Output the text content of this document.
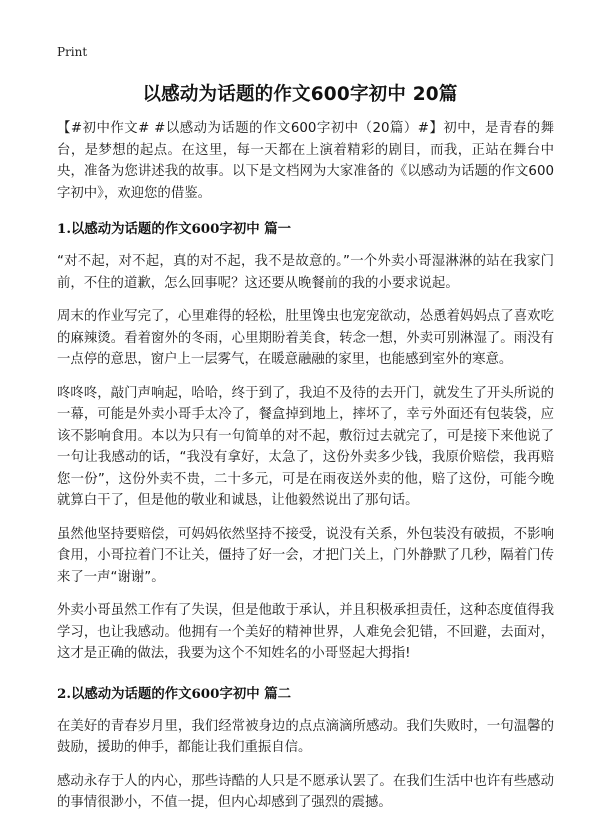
Print
以感动为话题的作文600字初中 20篇

【#初中作文# #以感动为话题的作文600字初中（20篇）#】初中，是青春的舞台，是梦想的起点。在这里，每一天都在上演着精彩的剧目，而我，正站在舞台中央，准备为您讲述我的故事。以下是文档网为大家准备的《以感动为话题的作文600字初中》，欢迎您的借鉴。

1.以感动为话题的作文600字初中 篇一

“对不起，对不起，真的对不起，我不是故意的。”一个外卖小哥湿淋淋的站在我家门前，不住的道歉，怎么回事呢？这还要从晚餐前的我的小要求说起。

周末的作业写完了，心里难得的轻松，肚里馋虫也宠宠欲动，怂恿着妈妈点了喜欢吃的麻辣烫。看着窗外的冬雨，心里期盼着美食，转念一想，外卖可别淋湿了。雨没有一点停的意思，窗户上一层雾气，在暖意融融的家里，也能感到室外的寒意。

咚咚咚，敲门声响起，哈哈，终于到了，我迫不及待的去开门，就发生了开头所说的一幕，可能是外卖小哥手太冷了，餐盒掉到地上，摔坏了，幸亏外面还有包装袋，应该不影响食用。本以为只有一句简单的对不起，敷衍过去就完了，可是接下来他说了一句让我感动的话，“我没有拿好，太急了，这份外卖多少钱，我原价赔偿，我再赔您一份”，这份外卖不贵，二十多元，可是在雨夜送外卖的他，赔了这份，可能今晚就算白干了，但是他的敬业和诚恳，让他毅然说出了那句话。

虽然他坚持要赔偿，可妈妈依然坚持不接受，说没有关系，外包装没有破损，不影响食用，小哥拉着门不让关，僵持了好一会，才把门关上，门外静默了几秒，隔着门传来了一声“谢谢”。

外卖小哥虽然工作有了失误，但是他敢于承认，并且积极承担责任，这种态度值得我学习，也让我感动。他拥有一个美好的精神世界，人难免会犯错，不回避，去面对，这才是正确的做法，我要为这个不知姓名的小哥竖起大拇指!

2.以感动为话题的作文600字初中 篇二

在美好的青春岁月里，我们经常被身边的点点滴滴所感动。我们失败时，一句温馨的鼓励，援助的伸手，都能让我们重振自信。

感动永存于人的内心，那些诗酷的人只是不愿承认罢了。在我们生活中也许有些感动的事情很渺小，不值一提，但内心却感到了强烈的震撼。
